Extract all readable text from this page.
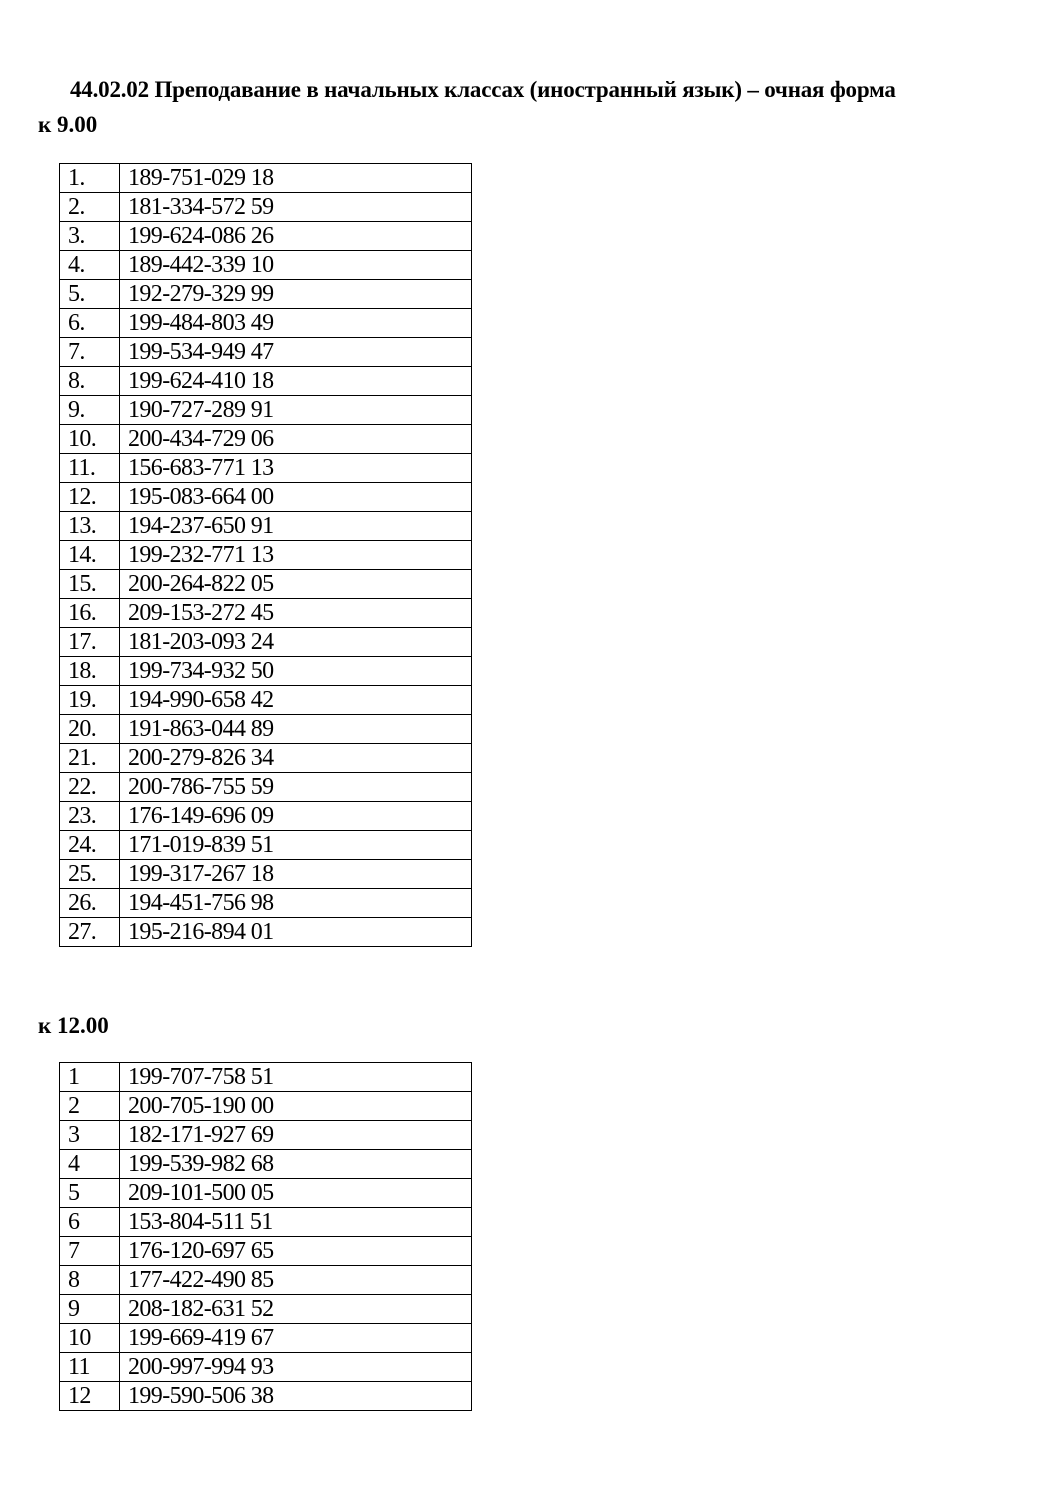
44.02.02 Преподавание в начальных классах (иностранный язык) – очная форма
к 9.00
1.	189-751-029 18
2.	181-334-572 59
3.	199-624-086 26
4.	189-442-339 10
5.	192-279-329 99
6.	199-484-803 49
7.	199-534-949 47
8.	199-624-410 18
9.	190-727-289 91
10.	200-434-729 06
11.	156-683-771 13
12.	195-083-664 00
13.	194-237-650 91
14.	199-232-771 13
15.	200-264-822 05
16.	209-153-272 45
17.	181-203-093 24
18.	199-734-932 50
19.	194-990-658 42
20.	191-863-044 89
21.	200-279-826 34
22.	200-786-755 59
23.	176-149-696 09
24.	171-019-839 51
25.	199-317-267 18
26.	194-451-756 98
27.	195-216-894 01
к 12.00
1	199-707-758 51
2	200-705-190 00
3	182-171-927 69
4	199-539-982 68
5	209-101-500 05
6	153-804-511 51
7	176-120-697 65
8	177-422-490 85
9	208-182-631 52
10	199-669-419 67
11	200-997-994 93
12	199-590-506 38
